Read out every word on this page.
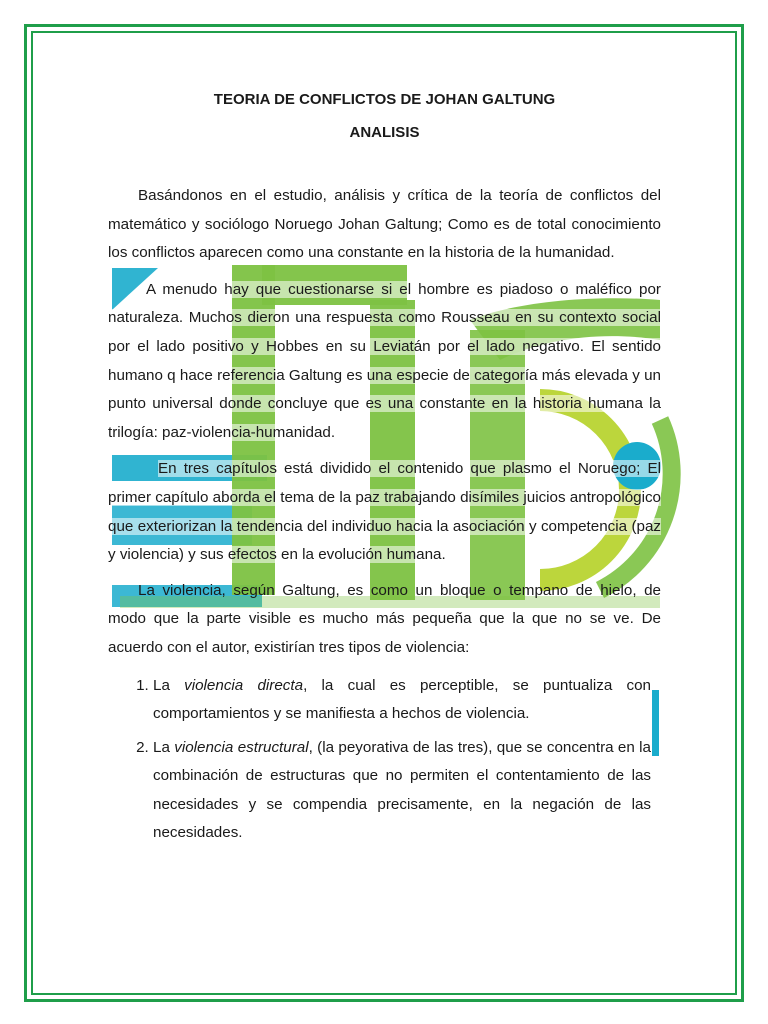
TEORIA DE CONFLICTOS DE JOHAN GALTUNG
ANALISIS

Basándonos en el estudio, análisis y crítica de la teoría de conflictos del matemático y sociólogo Noruego Johan Galtung; Como es de total conocimiento los conflictos aparecen como una constante en la historia de la humanidad.

A menudo hay que cuestionarse si el hombre es piadoso o maléfico por naturaleza. Muchos dieron una respuesta como Rousseau en su contexto social por el lado positivo y Hobbes en su Leviatán por el lado negativo. El sentido humano q hace referencia Galtung es una especie de categoría más elevada y un punto universal donde concluye que es una constante en la historia humana la trilogía: paz-violencia-humanidad.

En tres capítulos está dividido el contenido que plasmo el Noruego; El primer capítulo aborda el tema de la paz trabajando disímiles juicios antropológico que exteriorizan la tendencia del individuo hacia la asociación y competencia (paz y violencia) y sus efectos en la evolución humana.

La violencia, según Galtung, es como un bloque o tempano de hielo, de modo que la parte visible es mucho más pequeña que la que no se ve. De acuerdo con el autor, existirían tres tipos de violencia:

1. La violencia directa, la cual es perceptible, se puntualiza con comportamientos y se manifiesta a hechos de violencia.
2. La violencia estructural, (la peyorativa de las tres), que se concentra en la combinación de estructuras que no permiten el contentamiento de las necesidades y se compendia precisamente, en la negación de las necesidades.
